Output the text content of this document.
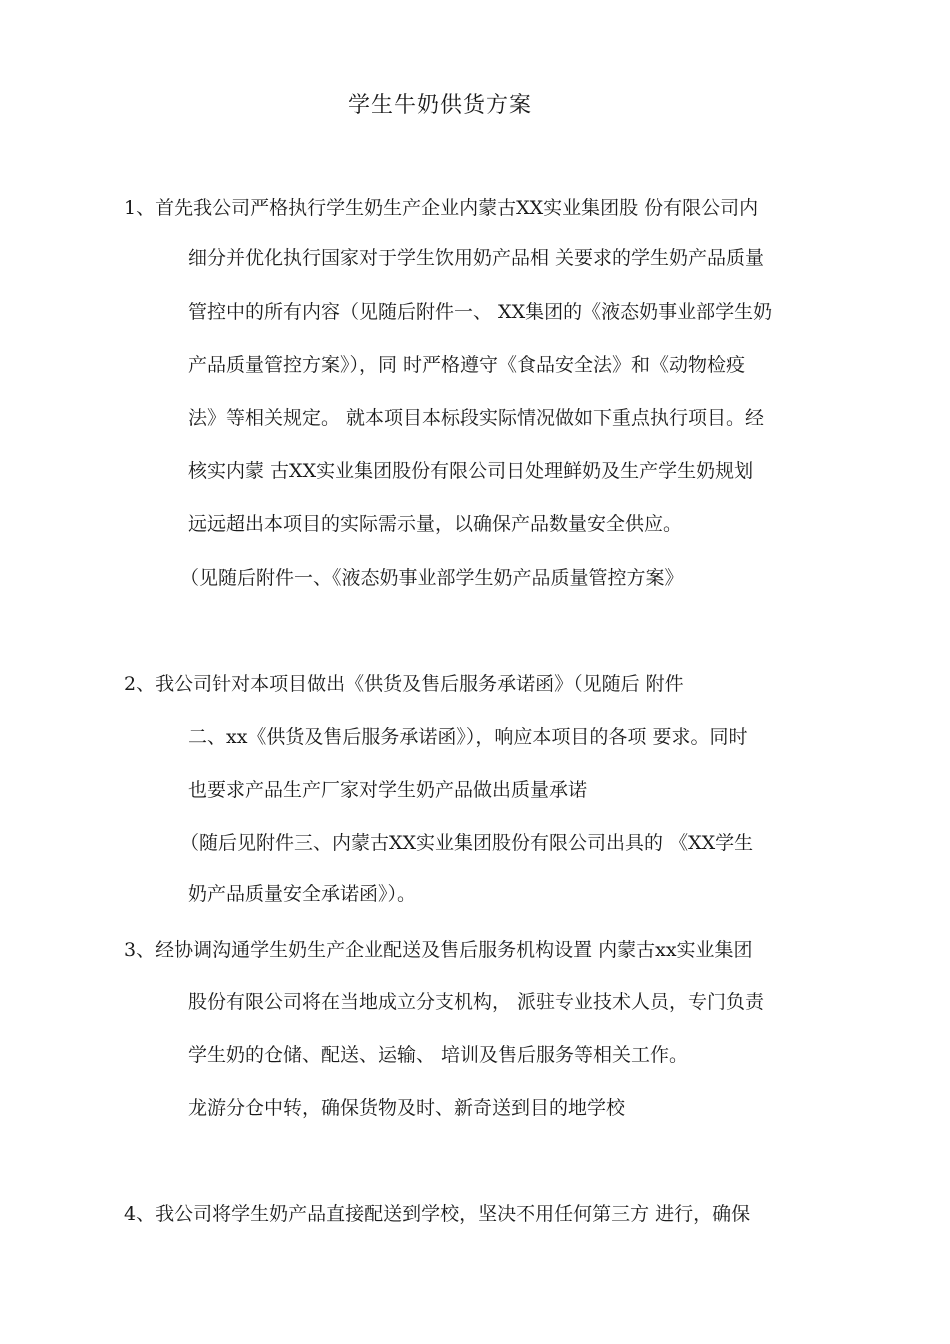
学生牛奶供货方案
1、首先我公司严格执行学生奶生产企业内蒙古XX实业集团股 份有限公司内
细分并优化执行国家对于学生饮用奶产品相 关要求的学生奶产品质量
管控中的所有内容（见随后附件一、 XX集团的《液态奶事业部学生奶
产品质量管控方案》），同 时严格遵守《食品安全法》和《动物检疫
法》等相关规定。 就本项目本标段实际情况做如下重点执行项目。经
核实内蒙 古XX实业集团股份有限公司日处理鲜奶及生产学生奶规划
远远超出本项目的实际需示量，以确保产品数量安全供应。
（见随后附件一、《液态奶事业部学生奶产品质量管控方案》
2、我公司针对本项目做出《供货及售后服务承诺函》（见随后 附件
二、xx《供货及售后服务承诺函》），响应本项目的各项 要求。同时
也要求产品生产厂家对学生奶产品做出质量承诺
（随后见附件三、内蒙古XX实业集团股份有限公司出具的 《XX学生
奶产品质量安全承诺函》）。
3、经协调沟通学生奶生产企业配送及售后服务机构设置 内蒙古xx实业集团
股份有限公司将在当地成立分支机构， 派驻专业技术人员，专门负责
学生奶的仓储、配送、运输、 培训及售后服务等相关工作。
龙游分仓中转，确保货物及时、新奇送到目的地学校
4、我公司将学生奶产品直接配送到学校，坚决不用任何第三方 进行，确保
